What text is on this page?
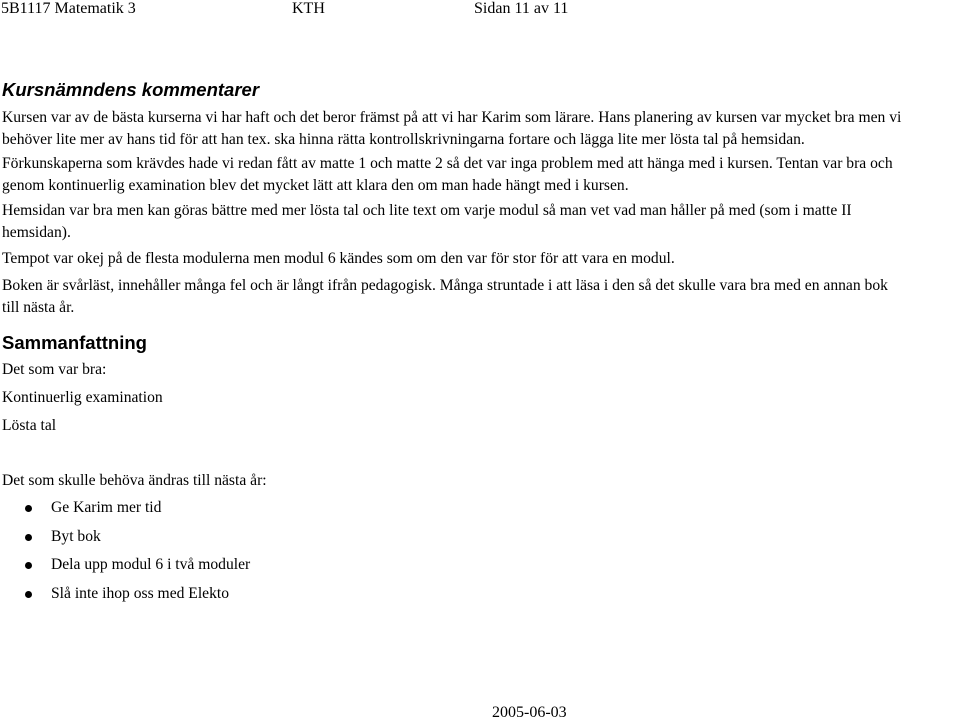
5B1117 Matematik 3	KTH	Sidan 11 av 11
Kursnämndens kommentarer
Kursen var av de bästa kurserna vi har haft och det beror främst på att vi har Karim som lärare. Hans planering av kursen var mycket bra men vi
behöver lite mer av hans tid för att han tex. ska hinna rätta kontrollskrivningarna fortare och lägga lite mer lösta tal på hemsidan.
Förkunskaperna som krävdes hade vi redan fått av matte 1 och matte 2 så det var inga problem med att hänga med i kursen. Tentan var bra och
genom kontinuerlig examination blev det mycket lätt att klara den om man hade hängt med i kursen.
Hemsidan var bra men kan göras bättre med mer lösta tal och lite text om varje modul så man vet vad man håller på med (som i matte II
hemsidan).
Tempot var okej på de flesta modulerna men modul 6 kändes som om den var för stor för att vara en modul.
Boken är svårläst, innehåller många fel och är långt ifrån pedagogisk. Många struntade i att läsa i den så det skulle vara bra med en annan bok
till nästa år.
Sammanfattning
Det som var bra:
Kontinuerlig examination
Lösta tal
Det som skulle behöva ändras till nästa år:
Ge Karim mer tid
Byt bok
Dela upp modul 6 i två moduler
Slå inte ihop oss med Elekto
2005-06-03
